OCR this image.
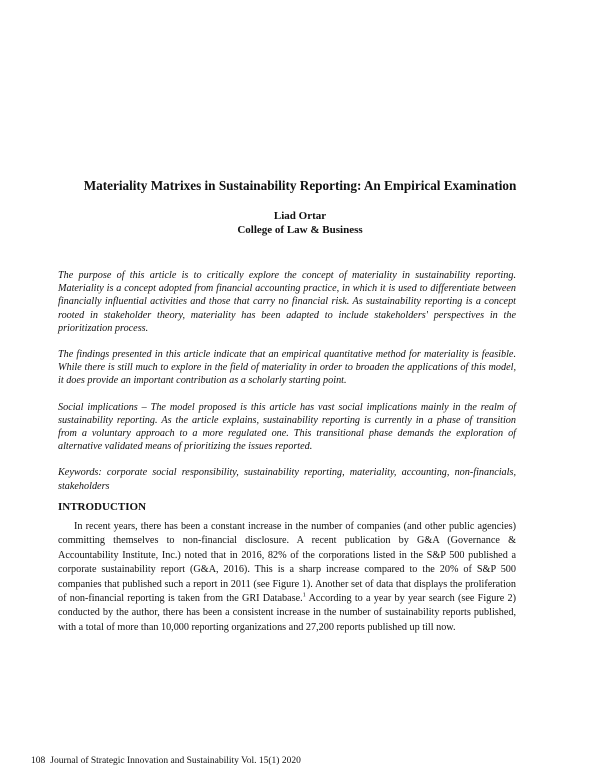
Materiality Matrixes in Sustainability Reporting: An Empirical Examination
Liad Ortar
College of Law & Business

The purpose of this article is to critically explore the concept of materiality in sustainability reporting. Materiality is a concept adopted from financial accounting practice, in which it is used to differentiate between financially influential activities and those that carry no financial risk. As sustainability reporting is a concept rooted in stakeholder theory, materiality has been adapted to include stakeholders' perspectives in the prioritization process.

The findings presented in this article indicate that an empirical quantitative method for materiality is feasible. While there is still much to explore in the field of materiality in order to broaden the applications of this model, it does provide an important contribution as a scholarly starting point.

Social implications – The model proposed is this article has vast social implications mainly in the realm of sustainability reporting. As the article explains, sustainability reporting is currently in a phase of transition from a voluntary approach to a more regulated one. This transitional phase demands the exploration of alternative validated means of prioritizing the issues reported.

Keywords: corporate social responsibility, sustainability reporting, materiality, accounting, non-financials, stakeholders

INTRODUCTION

In recent years, there has been a constant increase in the number of companies (and other public agencies) committing themselves to non-financial disclosure. A recent publication by G&A (Governance & Accountability Institute, Inc.) noted that in 2016, 82% of the corporations listed in the S&P 500 published a corporate sustainability report (G&A, 2016). This is a sharp increase compared to the 20% of S&P 500 companies that published such a report in 2011 (see Figure 1). Another set of data that displays the proliferation of non-financial reporting is taken from the GRI Database.$^1$ According to a year by year search (see Figure 2) conducted by the author, there has been a consistent increase in the number of sustainability reports published, with a total of more than 10,000 reporting organizations and 27,200 reports published up till now.

108 Journal of Strategic Innovation and Sustainability Vol. 15(1) 2020
